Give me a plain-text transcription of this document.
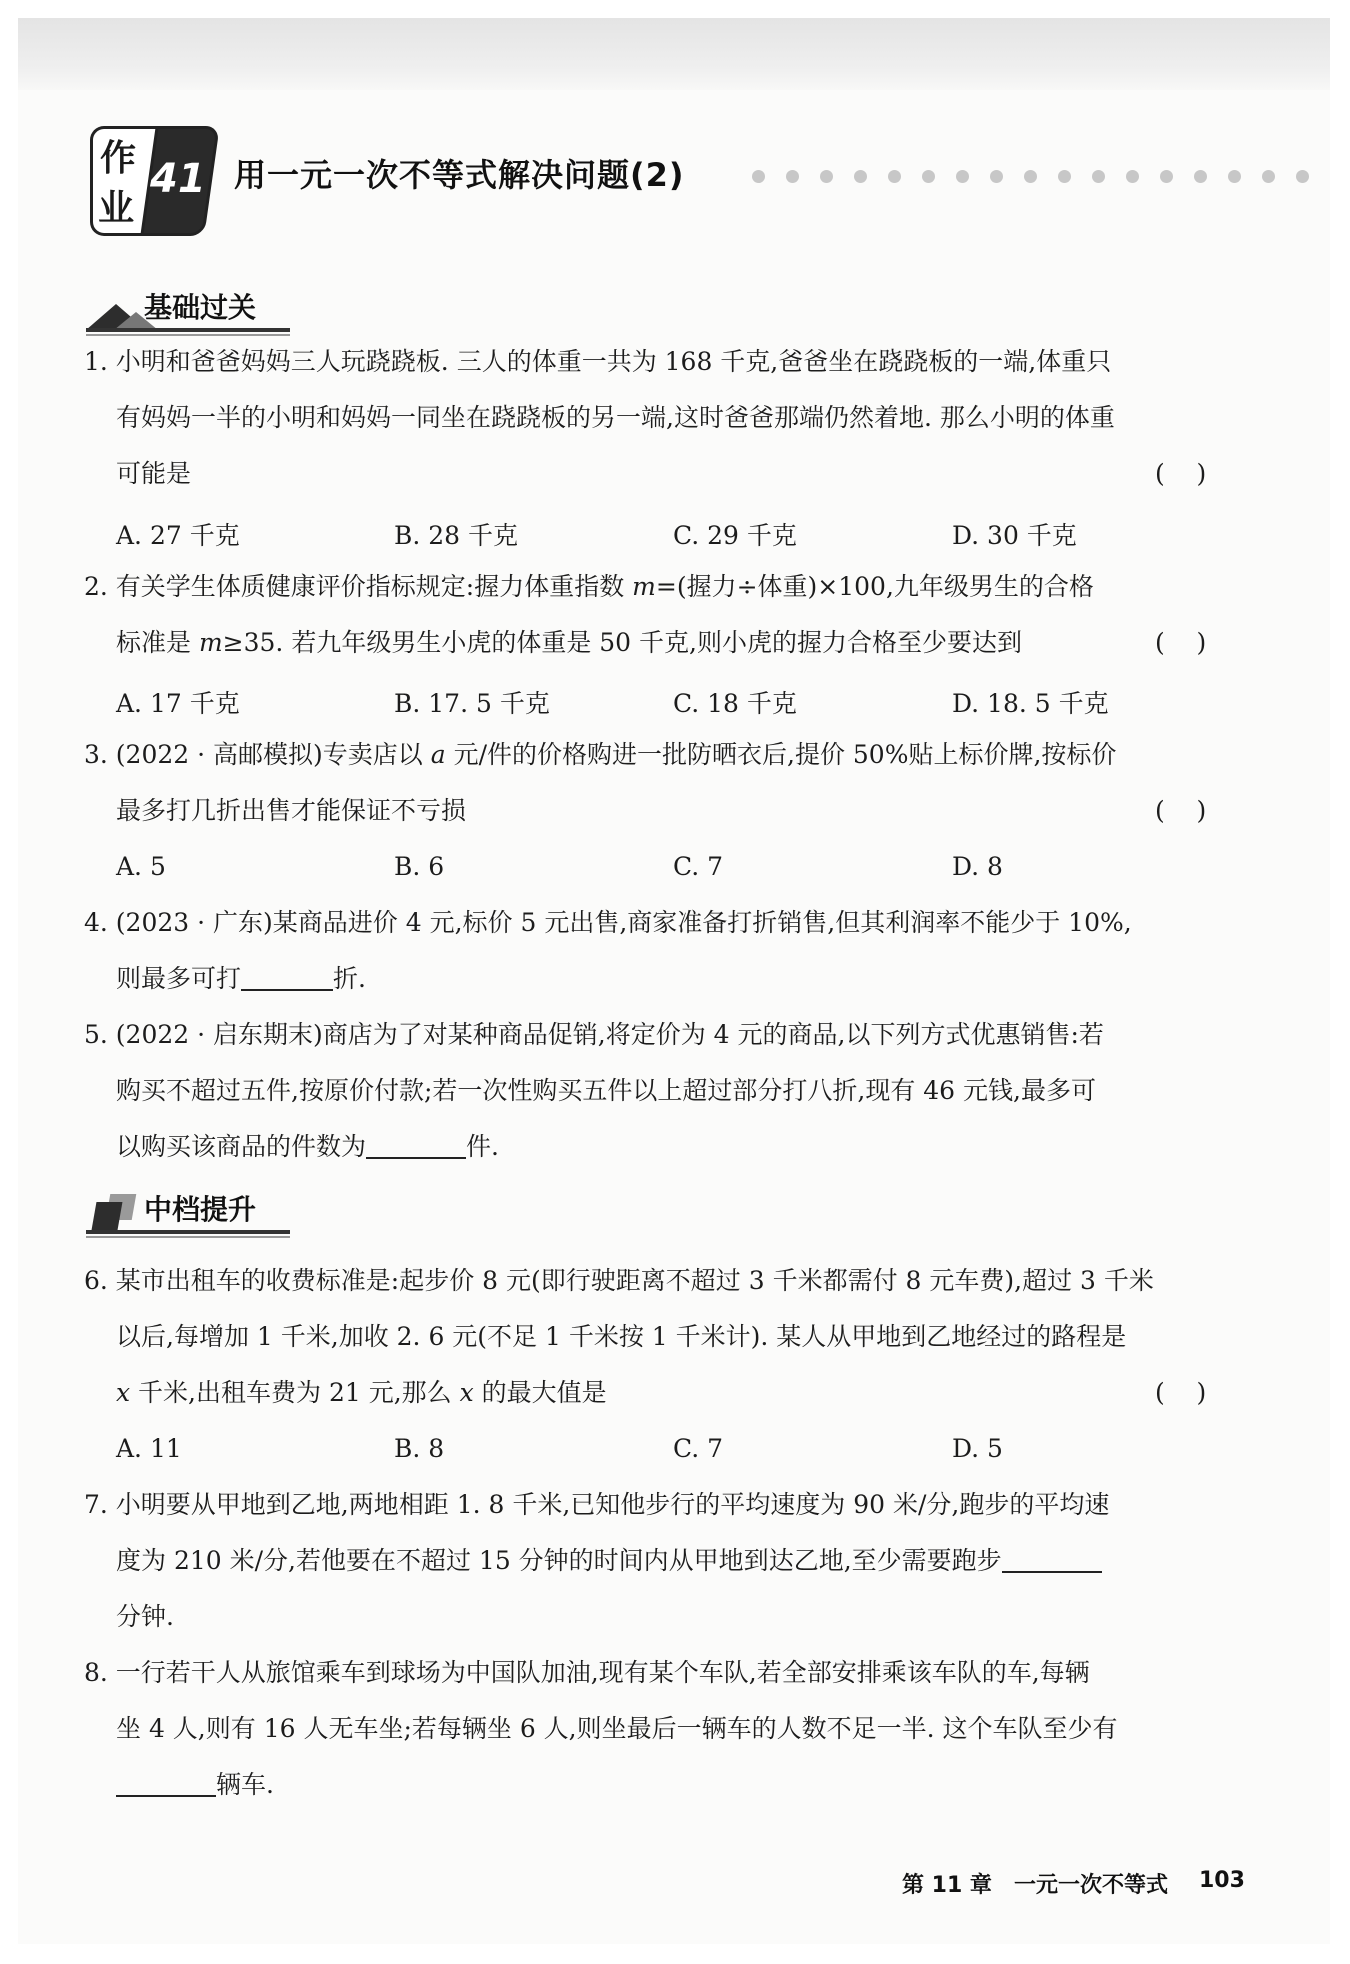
作
业
41 用一元一次不等式解决问题(2)
基础过关
1. 小明和爸爸妈妈三人玩跷跷板. 三人的体重一共为 168 千克,爸爸坐在跷跷板的一端,体重只
有妈妈一半的小明和妈妈一同坐在跷跷板的另一端,这时爸爸那端仍然着地. 那么小明的体重
可能是	(    )
A. 27 千克	B. 28 千克	C. 29 千克	D. 30 千克
2. 有关学生体质健康评价指标规定:握力体重指数 m=(握力÷体重)×100,九年级男生的合格
标准是 m≥35. 若九年级男生小虎的体重是 50 千克,则小虎的握力合格至少要达到	(    )
A. 17 千克	B. 17. 5 千克	C. 18 千克	D. 18. 5 千克
3. (2022 · 高邮模拟)专卖店以 a 元/件的价格购进一批防晒衣后,提价 50%贴上标价牌,按标价
最多打几折出售才能保证不亏损	(    )
A. 5	B. 6	C. 7	D. 8
4. (2023 · 广东)某商品进价 4 元,标价 5 元出售,商家准备打折销售,但其利润率不能少于 10%,
则最多可打	折.
5. (2022 · 启东期末)商店为了对某种商品促销,将定价为 4 元的商品,以下列方式优惠销售:若
购买不超过五件,按原价付款;若一次性购买五件以上超过部分打八折,现有 46 元钱,最多可
以购买该商品的件数为	件.
中档提升
6. 某市出租车的收费标准是:起步价 8 元(即行驶距离不超过 3 千米都需付 8 元车费),超过 3 千米
以后,每增加 1 千米,加收 2. 6 元(不足 1 千米按 1 千米计). 某人从甲地到乙地经过的路程是
x 千米,出租车费为 21 元,那么 x 的最大值是	(    )
A. 11	B. 8	C. 7	D. 5
7. 小明要从甲地到乙地,两地相距 1. 8 千米,已知他步行的平均速度为 90 米/分,跑步的平均速
度为 210 米/分,若他要在不超过 15 分钟的时间内从甲地到达乙地,至少需要跑步
分钟.
8. 一行若干人从旅馆乘车到球场为中国队加油,现有某个车队,若全部安排乘该车队的车,每辆
坐 4 人,则有 16 人无车坐;若每辆坐 6 人,则坐最后一辆车的人数不足一半. 这个车队至少有
辆车.
第 11 章 一元一次不等式 103
